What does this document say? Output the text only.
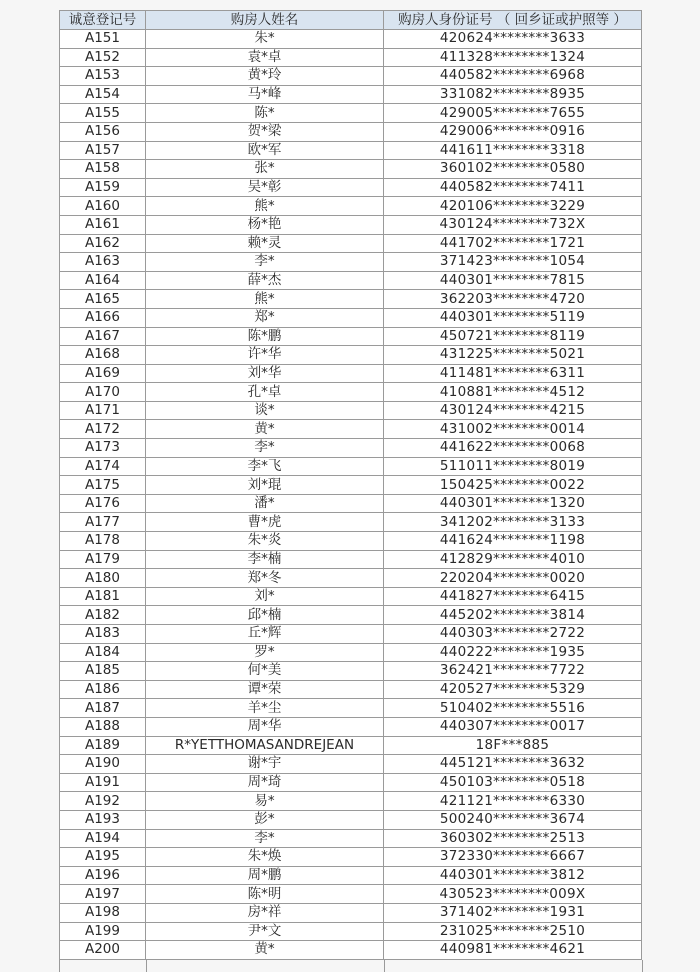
诚意登记号	购房人姓名	购房人身份证号 （ 回乡证或护照等 ）
A151	朱*	420624********3633
A152	袁*卓	411328********1324
A153	黄*玲	440582********6968
A154	马*峰	331082********8935
A155	陈*	429005********7655
A156	贺*梁	429006********0916
A157	欧*军	441611********3318
A158	张*	360102********0580
A159	吴*彰	440582********7411
A160	熊*	420106********3229
A161	杨*艳	430124********732X
A162	赖*灵	441702********1721
A163	李*	371423********1054
A164	薛*杰	440301********7815
A165	熊*	362203********4720
A166	郑*	440301********5119
A167	陈*鹏	450721********8119
A168	许*华	431225********5021
A169	刘*华	411481********6311
A170	孔*卓	410881********4512
A171	谈*	430124********4215
A172	黄*	431002********0014
A173	李*	441622********0068
A174	李*飞	511011********8019
A175	刘*琨	150425********0022
A176	潘*	440301********1320
A177	曹*虎	341202********3133
A178	朱*炎	441624********1198
A179	李*楠	412829********4010
A180	郑*冬	220204********0020
A181	刘*	441827********6415
A182	邱*楠	445202********3814
A183	丘*辉	440303********2722
A184	罗*	440222********1935
A185	何*美	362421********7722
A186	谭*荣	420527********5329
A187	羊*尘	510402********5516
A188	周*华	440307********0017
A189	R*YETTHOMASANDREJEAN	18F***885
A190	谢*宇	445121********3632
A191	周*琦	450103********0518
A192	易*	421121********6330
A193	彭*	500240********3674
A194	李*	360302********2513
A195	朱*焕	372330********6667
A196	周*鹏	440301********3812
A197	陈*明	430523********009X
A198	房*祥	371402********1931
A199	尹*文	231025********2510
A200	黄*	440981********4621
